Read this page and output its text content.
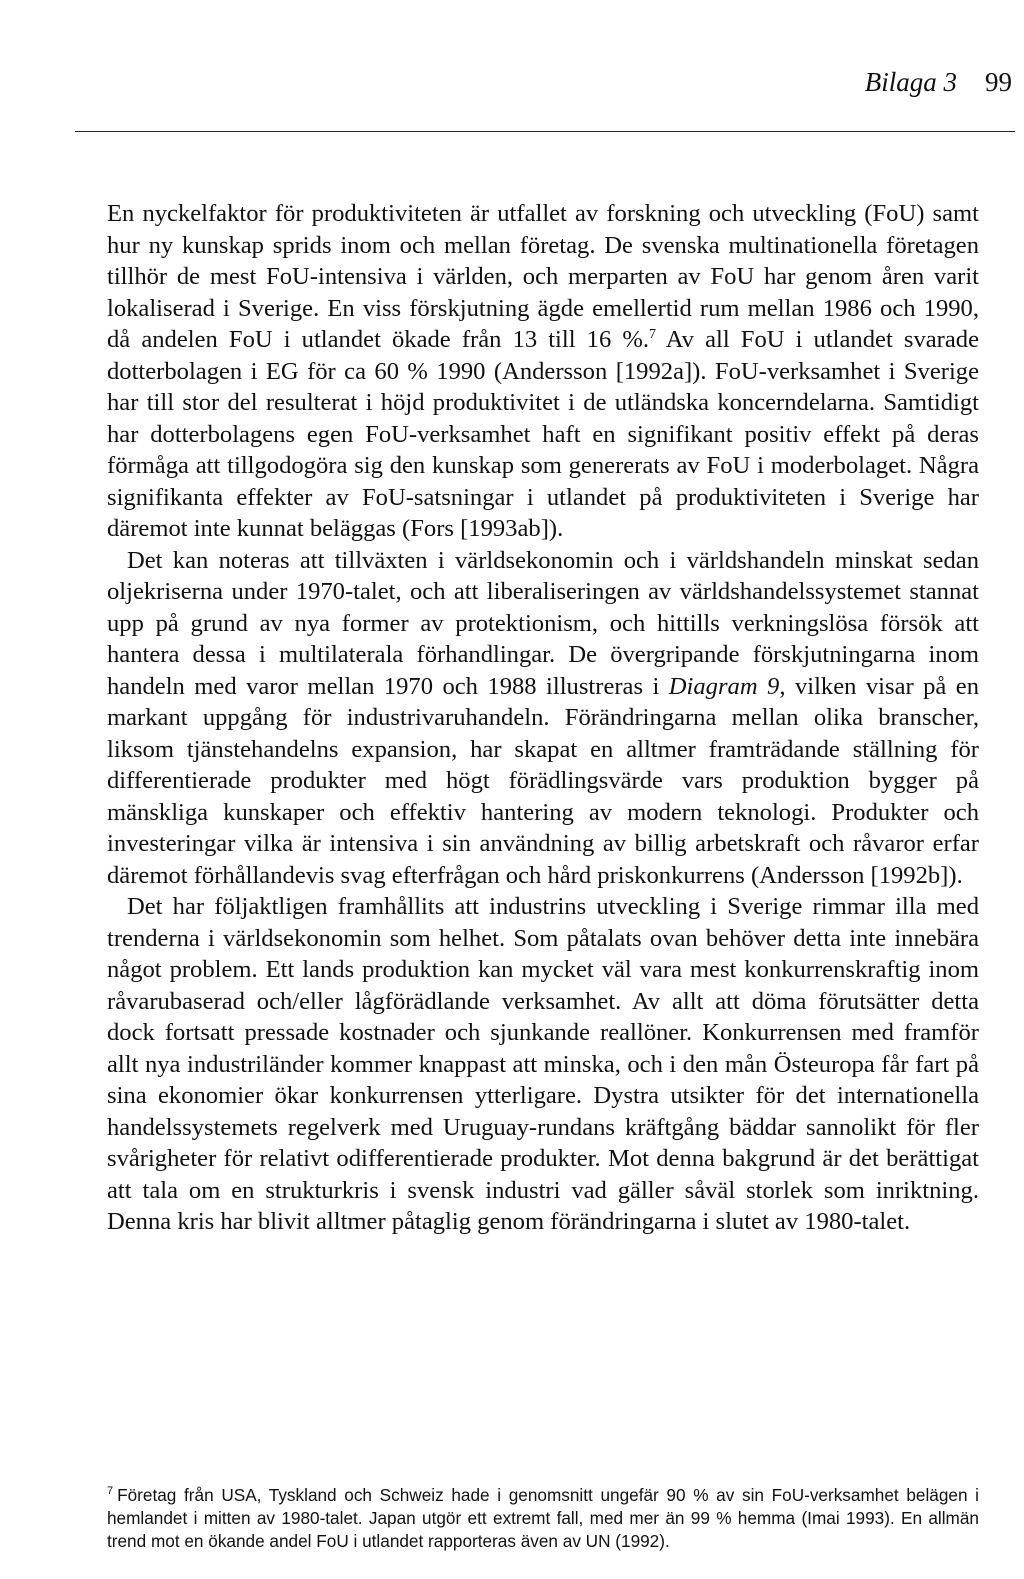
Bilaga 3 99

En nyckelfaktor för produktiviteten är utfallet av forskning och utveckling (FoU) samt hur ny kunskap sprids inom och mellan företag. De svenska multinationella företagen tillhör de mest FoU-intensiva i världen, och merparten av FoU har genom åren varit lokaliserad i Sverige. En viss förskjutning ägde emellertid rum mellan 1986 och 1990, då andelen FoU i utlandet ökade från 13 till 16 %.$^7$ Av all FoU i utlandet svarade dotterbolagen i EG för ca 60 % 1990 (Andersson [1992a]). FoU-verksamhet i Sverige har till stor del resulterat i höjd produktivitet i de utländska koncerndelarna. Samtidigt har dotterbolagens egen FoU-verksamhet haft en signifikant positiv effekt på deras förmåga att tillgodogöra sig den kunskap som genererats av FoU i moderbolaget. Några signifikanta effekter av FoU-satsningar i utlandet på produktiviteten i Sverige har däremot inte kunnat beläggas (Fors [1993ab]).

Det kan noteras att tillväxten i världsekonomin och i världshandeln minskat sedan oljekriserna under 1970-talet, och att liberaliseringen av världshandelssystemet stannat upp på grund av nya former av protektionism, och hittills verkningslösa försök att hantera dessa i multilaterala förhandlingar. De övergripande förskjutningarna inom handeln med varor mellan 1970 och 1988 illustreras i Diagram 9, vilken visar på en markant uppgång för industrivaruhandeln. Förändringarna mellan olika branscher, liksom tjänstehandelns expansion, har skapat en alltmer framträdande ställning för differentierade produkter med högt förädlingsvärde vars produktion bygger på mänskliga kunskaper och effektiv hantering av modern teknologi. Produkter och investeringar vilka är intensiva i sin användning av billig arbetskraft och råvaror erfar däremot förhållandevis svag efterfrågan och hård priskonkurrens (Andersson [1992b]).

Det har följaktligen framhållits att industrins utveckling i Sverige rimmar illa med trenderna i världsekonomin som helhet. Som påtalats ovan behöver detta inte innebära något problem. Ett lands produktion kan mycket väl vara mest konkurrenskraftig inom råvarubaserad och/eller lågförädlande verksamhet. Av allt att döma förutsätter detta dock fortsatt pressade kostnader och sjunkande reallöner. Konkurrensen med framför allt nya industriländer kommer knappast att minska, och i den mån Östeuropa får fart på sina ekonomier ökar konkurrensen ytterligare. Dystra utsikter för det internationella handelssystemets regelverk med Uruguay-rundans kräftgång bäddar sannolikt för fler svårigheter för relativt odifferentierade produkter. Mot denna bakgrund är det berättigat att tala om en strukturkris i svensk industri vad gäller såväl storlek som inriktning. Denna kris har blivit alltmer påtaglig genom förändringarna i slutet av 1980-talet.

$^7$ Företag från USA, Tyskland och Schweiz hade i genomsnitt ungefär 90 % av sin FoU-verksamhet belägen i hemlandet i mitten av 1980-talet. Japan utgör ett extremt fall, med mer än 99 % hemma (Imai 1993). En allmän trend mot en ökande andel FoU i utlandet rapporteras även av UN (1992).
